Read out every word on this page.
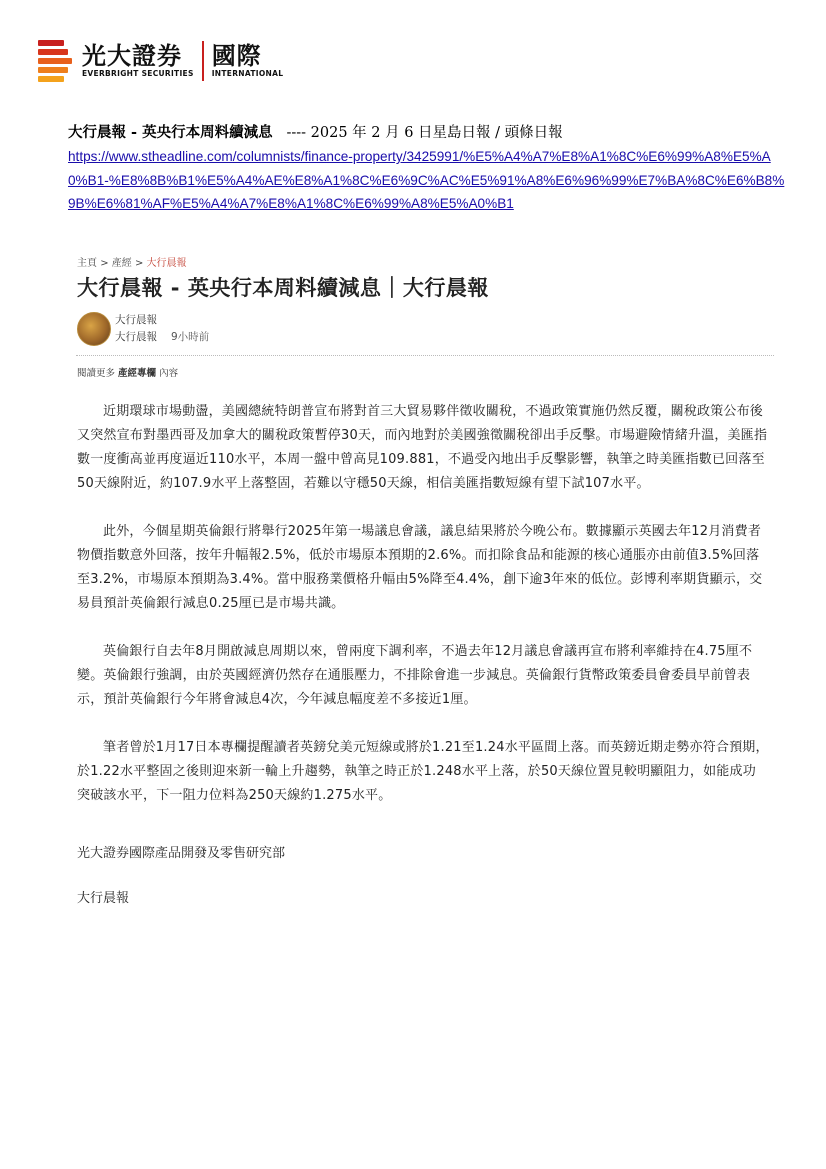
光大證券
EVERBRIGHT SECURITIES
國際
INTERNATIONAL
大行晨報 - 英央行本周料續減息 ---- 2025 年 2 月 6 日星島日報 / 頭條日報
https://www.stheadline.com/columnists/finance-property/3425991/%E5%A4%A7%E8%A1%8C%E6%99%A8%E5%A0%B1-%E8%8B%B1%E5%A4%AE%E8%A1%8C%E6%9C%AC%E5%91%A8%E6%96%99%E7%BA%8C%E6%B8%9B%E6%81%AF%E5%A4%A7%E8%A1%8C%E6%99%A8%E5%A0%B1
主頁 > 產經 > 大行晨報
大行晨報 - 英央行本周料續減息｜大行晨報
大行晨報
大行晨報 9小時前
閱讀更多 產經專欄 內容

近期環球市場動盪，美國總統特朗普宣布將對首三大貿易夥伴徵收關稅，不過政策實施仍然反覆，關稅政策公布後又突然宣布對墨西哥及加拿大的關稅政策暫停30天，而內地對於美國強徵關稅卻出手反擊。市場避險情緒升溫，美匯指數一度衝高並再度逼近110水平，本周一盤中曾高見109.881，不過受內地出手反擊影響，執筆之時美匯指數已回落至50天線附近，約107.9水平上落整固，若難以守穩50天線，相信美匯指數短線有望下試107水平。

此外，今個星期英倫銀行將舉行2025年第一場議息會議，議息結果將於今晚公布。數據顯示英國去年12月消費者物價指數意外回落，按年升幅報2.5%，低於市場原本預期的2.6%。而扣除食品和能源的核心通脹亦由前值3.5%回落至3.2%，市場原本預期為3.4%。當中服務業價格升幅由5%降至4.4%，創下逾3年來的低位。彭博利率期貨顯示，交易員預計英倫銀行減息0.25厘已是市場共識。

英倫銀行自去年8月開啟減息周期以來，曾兩度下調利率，不過去年12月議息會議再宣布將利率維持在4.75厘不變。英倫銀行強調，由於英國經濟仍然存在通脹壓力，不排除會進一步減息。英倫銀行貨幣政策委員會委員早前曾表示，預計英倫銀行今年將會減息4次，今年減息幅度差不多接近1厘。

筆者曾於1月17日本專欄提醒讀者英鎊兌美元短線或將於1.21至1.24水平區間上落。而英鎊近期走勢亦符合預期，於1.22水平整固之後則迎來新一輪上升趨勢，執筆之時正於1.248水平上落，於50天線位置見較明顯阻力，如能成功突破該水平，下一阻力位料為250天線約1.275水平。

光大證券國際產品開發及零售研究部

大行晨報
